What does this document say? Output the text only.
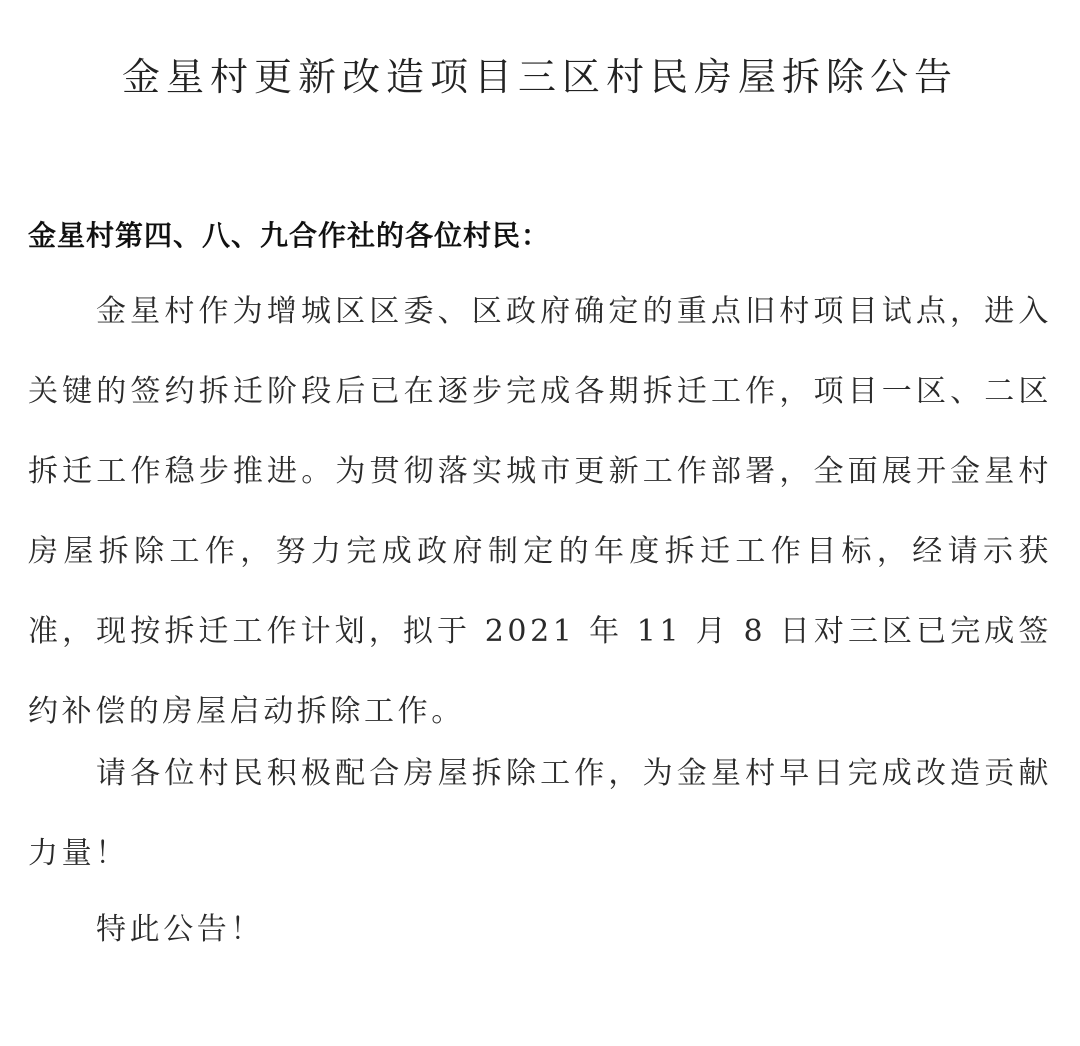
金星村更新改造项目三区村民房屋拆除公告
金星村第四、八、九合作社的各位村民：

金星村作为增城区区委、区政府确定的重点旧村项目试点，进入关键的签约拆迁阶段后已在逐步完成各期拆迁工作，项目一区、二区拆迁工作稳步推进。为贯彻落实城市更新工作部署，全面展开金星村房屋拆除工作，努力完成政府制定的年度拆迁工作目标，经请示获准，现按拆迁工作计划，拟于 2021 年 11 月 8 日对三区已完成签约补偿的房屋启动拆除工作。

请各位村民积极配合房屋拆除工作，为金星村早日完成改造贡献力量！

特此公告！
